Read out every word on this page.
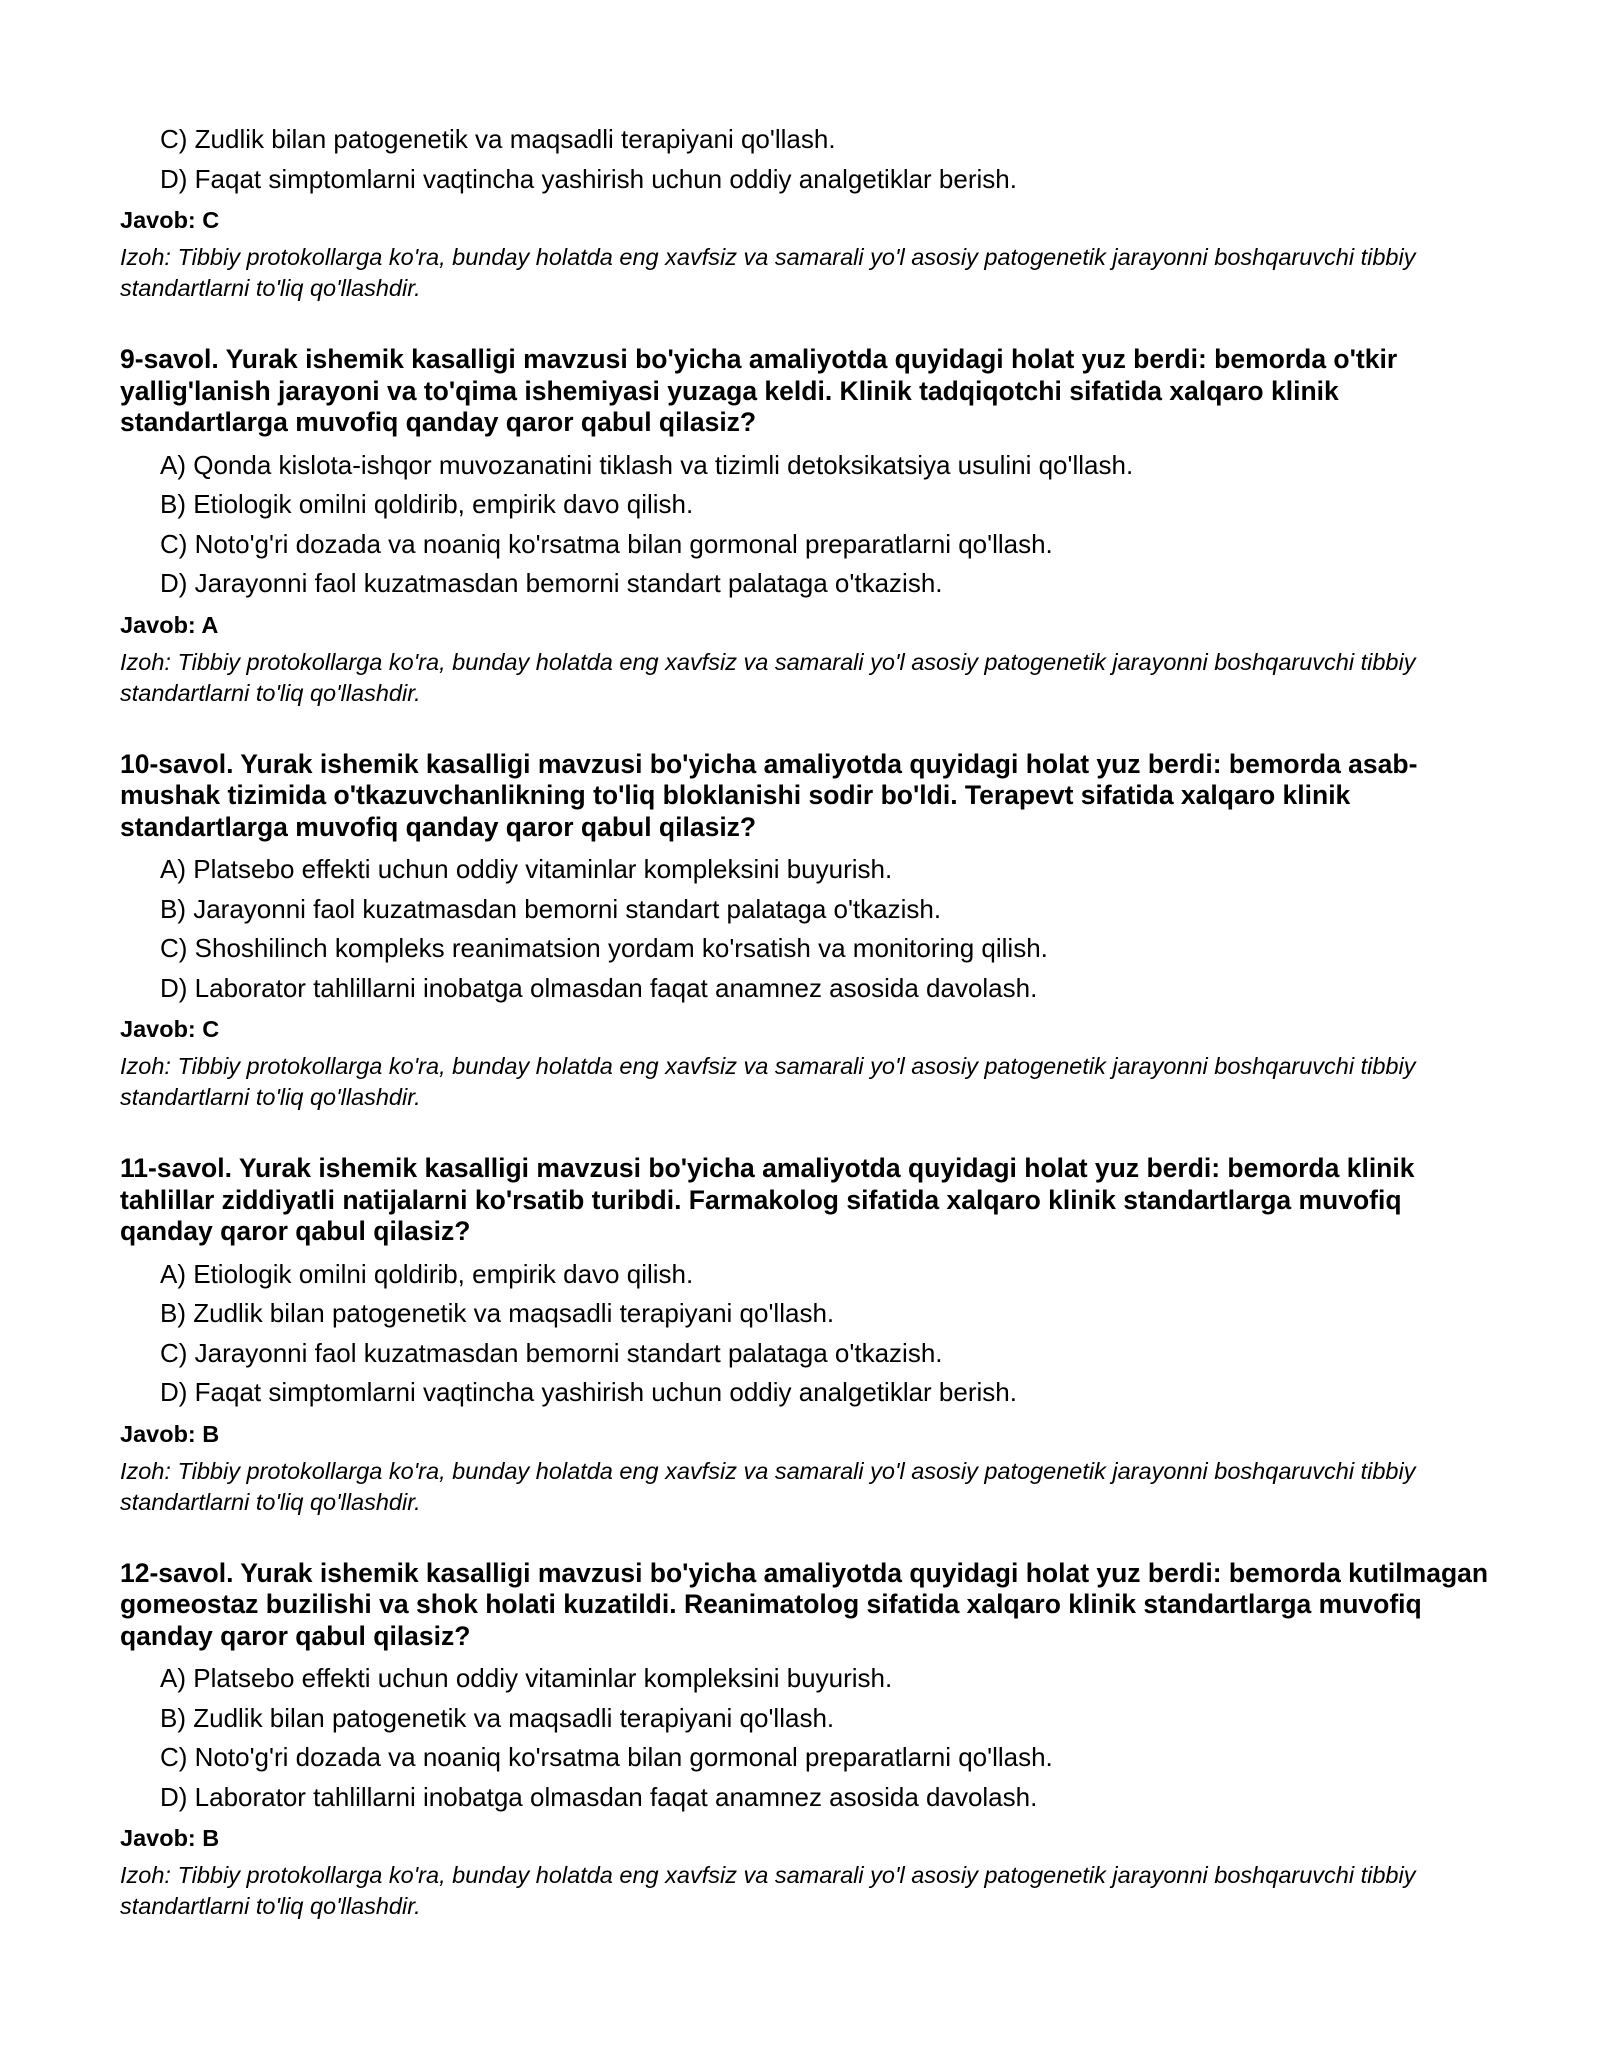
C) Zudlik bilan patogenetik va maqsadli terapiyani qo'llash.
D) Faqat simptomlarni vaqtincha yashirish uchun oddiy analgetiklar berish.
Javob: C
Izoh: Tibbiy protokollarga ko'ra, bunday holatda eng xavfsiz va samarali yo'l asosiy patogenetik jarayonni boshqaruvchi tibbiy standartlarni to'liq qo'llashdir.

9-savol. Yurak ishemik kasalligi mavzusi bo'yicha amaliyotda quyidagi holat yuz berdi: bemorda o'tkir yallig'lanish jarayoni va to'qima ishemiyasi yuzaga keldi. Klinik tadqiqotchi sifatida xalqaro klinik standartlarga muvofiq qanday qaror qabul qilasiz?

A) Qonda kislota-ishqor muvozanatini tiklash va tizimli detoksikatsiya usulini qo'llash.
B) Etiologik omilni qoldirib, empirik davo qilish.
C) Noto'g'ri dozada va noaniq ko'rsatma bilan gormonal preparatlarni qo'llash.
D) Jarayonni faol kuzatmasdan bemorni standart palataga o'tkazish.
Javob: A
Izoh: Tibbiy protokollarga ko'ra, bunday holatda eng xavfsiz va samarali yo'l asosiy patogenetik jarayonni boshqaruvchi tibbiy standartlarni to'liq qo'llashdir.

10-savol. Yurak ishemik kasalligi mavzusi bo'yicha amaliyotda quyidagi holat yuz berdi: bemorda asab-mushak tizimida o'tkazuvchanlikning to'liq bloklanishi sodir bo'ldi. Terapevt sifatida xalqaro klinik standartlarga muvofiq qanday qaror qabul qilasiz?

A) Platsebo effekti uchun oddiy vitaminlar kompleksini buyurish.
B) Jarayonni faol kuzatmasdan bemorni standart palataga o'tkazish.
C) Shoshilinch kompleks reanimatsion yordam ko'rsatish va monitoring qilish.
D) Laborator tahlillarni inobatga olmasdan faqat anamnez asosida davolash.
Javob: C
Izoh: Tibbiy protokollarga ko'ra, bunday holatda eng xavfsiz va samarali yo'l asosiy patogenetik jarayonni boshqaruvchi tibbiy standartlarni to'liq qo'llashdir.

11-savol. Yurak ishemik kasalligi mavzusi bo'yicha amaliyotda quyidagi holat yuz berdi: bemorda klinik tahlillar ziddiyatli natijalarni ko'rsatib turibdi. Farmakolog sifatida xalqaro klinik standartlarga muvofiq qanday qaror qabul qilasiz?

A) Etiologik omilni qoldirib, empirik davo qilish.
B) Zudlik bilan patogenetik va maqsadli terapiyani qo'llash.
C) Jarayonni faol kuzatmasdan bemorni standart palataga o'tkazish.
D) Faqat simptomlarni vaqtincha yashirish uchun oddiy analgetiklar berish.
Javob: B
Izoh: Tibbiy protokollarga ko'ra, bunday holatda eng xavfsiz va samarali yo'l asosiy patogenetik jarayonni boshqaruvchi tibbiy standartlarni to'liq qo'llashdir.

12-savol. Yurak ishemik kasalligi mavzusi bo'yicha amaliyotda quyidagi holat yuz berdi: bemorda kutilmagan gomeostaz buzilishi va shok holati kuzatildi. Reanimatolog sifatida xalqaro klinik standartlarga muvofiq qanday qaror qabul qilasiz?

A) Platsebo effekti uchun oddiy vitaminlar kompleksini buyurish.
B) Zudlik bilan patogenetik va maqsadli terapiyani qo'llash.
C) Noto'g'ri dozada va noaniq ko'rsatma bilan gormonal preparatlarni qo'llash.
D) Laborator tahlillarni inobatga olmasdan faqat anamnez asosida davolash.
Javob: B
Izoh: Tibbiy protokollarga ko'ra, bunday holatda eng xavfsiz va samarali yo'l asosiy patogenetik jarayonni boshqaruvchi tibbiy standartlarni to'liq qo'llashdir.
